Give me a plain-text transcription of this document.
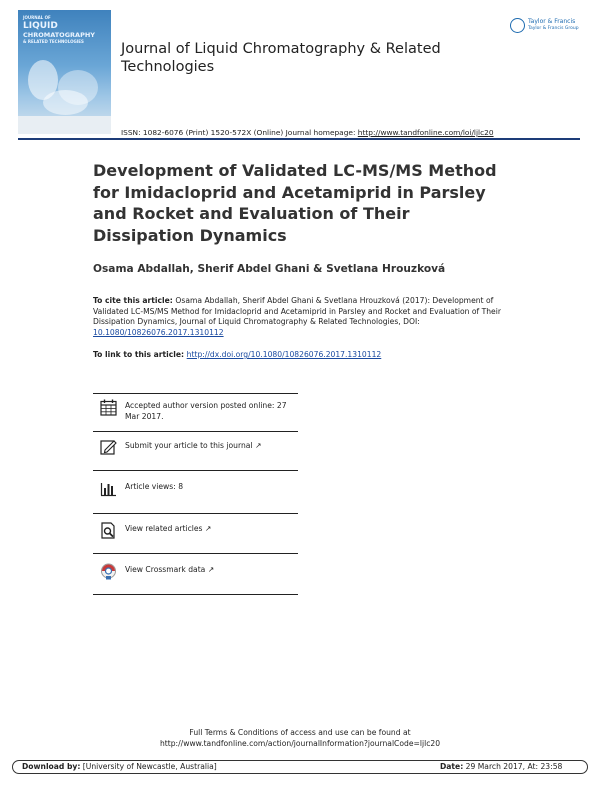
JOURNAL OF
LIQUID
CHROMATOGRAPHY
& RELATED TECHNOLOGIES	Journal of Liquid Chromatography & Related Technologies
Taylor & Francis
Taylor & Francis Group
ISSN: 1082-6076 (Print) 1520-572X (Online) Journal homepage: http://www.tandfonline.com/loi/ljlc20
Development of Validated LC-MS/MS Method for Imidacloprid and Acetamiprid in Parsley and Rocket and Evaluation of Their Dissipation Dynamics
Osama Abdallah, Sherif Abdel Ghani & Svetlana Hrouzková
To cite this article: Osama Abdallah, Sherif Abdel Ghani & Svetlana Hrouzková (2017): Development of Validated LC-MS/MS Method for Imidacloprid and Acetamiprid in Parsley and Rocket and Evaluation of Their Dissipation Dynamics, Journal of Liquid Chromatography & Related Technologies, DOI: 10.1080/10826076.2017.1310112
To link to this article: http://dx.doi.org/10.1080/10826076.2017.1310112
Accepted author version posted online: 27 Mar 2017.
Submit your article to this journal ↗
Article views: 8
View related articles ↗
View Crossmark data ↗
Full Terms & Conditions of access and use can be found at
http://www.tandfonline.com/action/journalInformation?journalCode=ljlc20
Download by: [University of Newcastle, Australia]	Date: 29 March 2017, At: 23:58
